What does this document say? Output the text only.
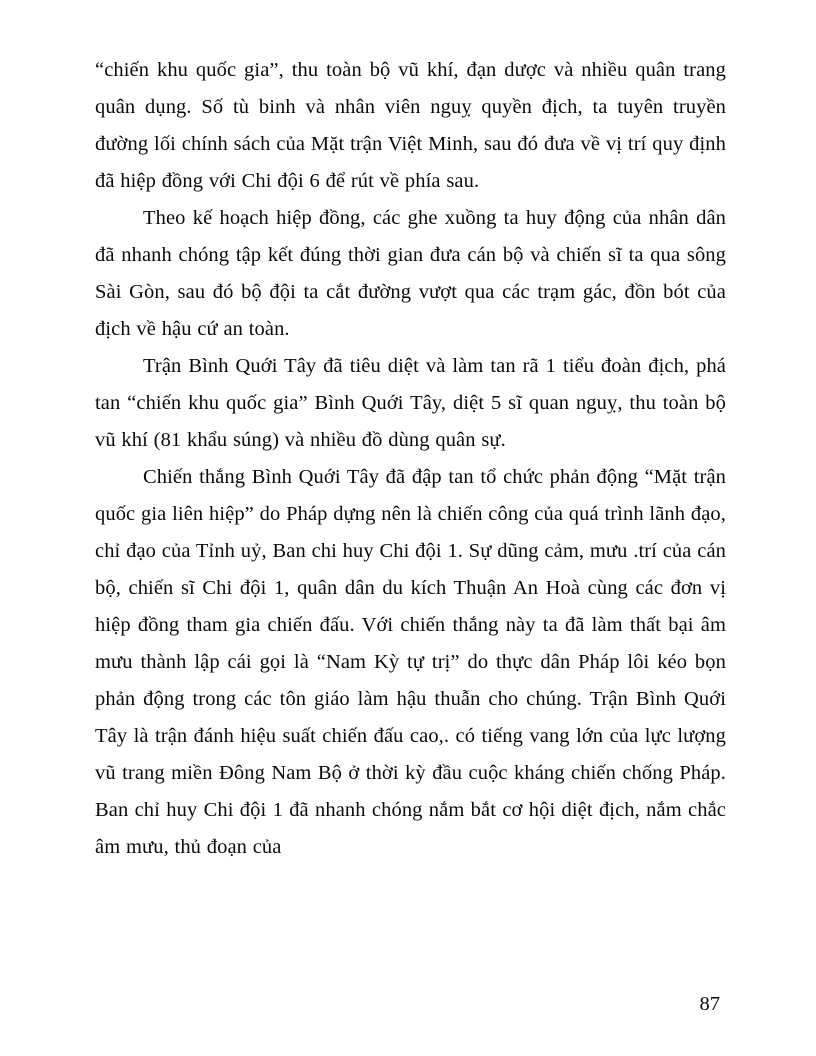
“chiến khu quốc gia”, thu toàn bộ vũ khí, đạn dược và nhiều quân trang quân dụng. Số tù binh và nhân viên nguỵ quyền địch, ta tuyên truyền đường lối chính sách của Mặt trận Việt Minh, sau đó đưa về vị trí quy định đã hiệp đồng với Chi đội 6 để rút về phía sau.

Theo kế hoạch hiệp đồng, các ghe xuồng ta huy động của nhân dân đã nhanh chóng tập kết đúng thời gian đưa cán bộ và chiến sĩ ta qua sông Sài Gòn, sau đó bộ đội ta cắt đường vượt qua các trạm gác, đồn bót của địch về hậu cứ an toàn.

Trận Bình Quới Tây đã tiêu diệt và làm tan rã 1 tiểu đoàn địch, phá tan “chiến khu quốc gia” Bình Quới Tây, diệt 5 sĩ quan nguỵ, thu toàn bộ vũ khí (81 khẩu súng) và nhiều đồ dùng quân sự.

Chiến thắng Bình Quới Tây đã đập tan tổ chức phản động “Mặt trận quốc gia liên hiệp” do Pháp dựng nên là chiến công của quá trình lãnh đạo, chỉ đạo của Tỉnh uỷ, Ban chi huy Chi đội 1. Sự dũng cảm, mưu .trí của cán bộ, chiến sĩ Chi đội 1, quân dân du kích Thuận An Hoà cùng các đơn vị hiệp đồng tham gia chiến đấu. Với chiến thắng này ta đã làm thất bại âm mưu thành lập cái gọi là “Nam Kỳ tự trị” do thực dân Pháp lôi kéo bọn phản động trong các tôn giáo làm hậu thuẫn cho chúng. Trận Bình Quới Tây là trận đánh hiệu suất chiến đấu cao,. có tiếng vang lớn của lực lượng vũ trang miền Đông Nam Bộ ở thời kỳ đầu cuộc kháng chiến chống Pháp. Ban chỉ huy Chi đội 1 đã nhanh chóng nắm bắt cơ hội diệt địch, nắm chắc âm mưu, thủ đoạn của

87
